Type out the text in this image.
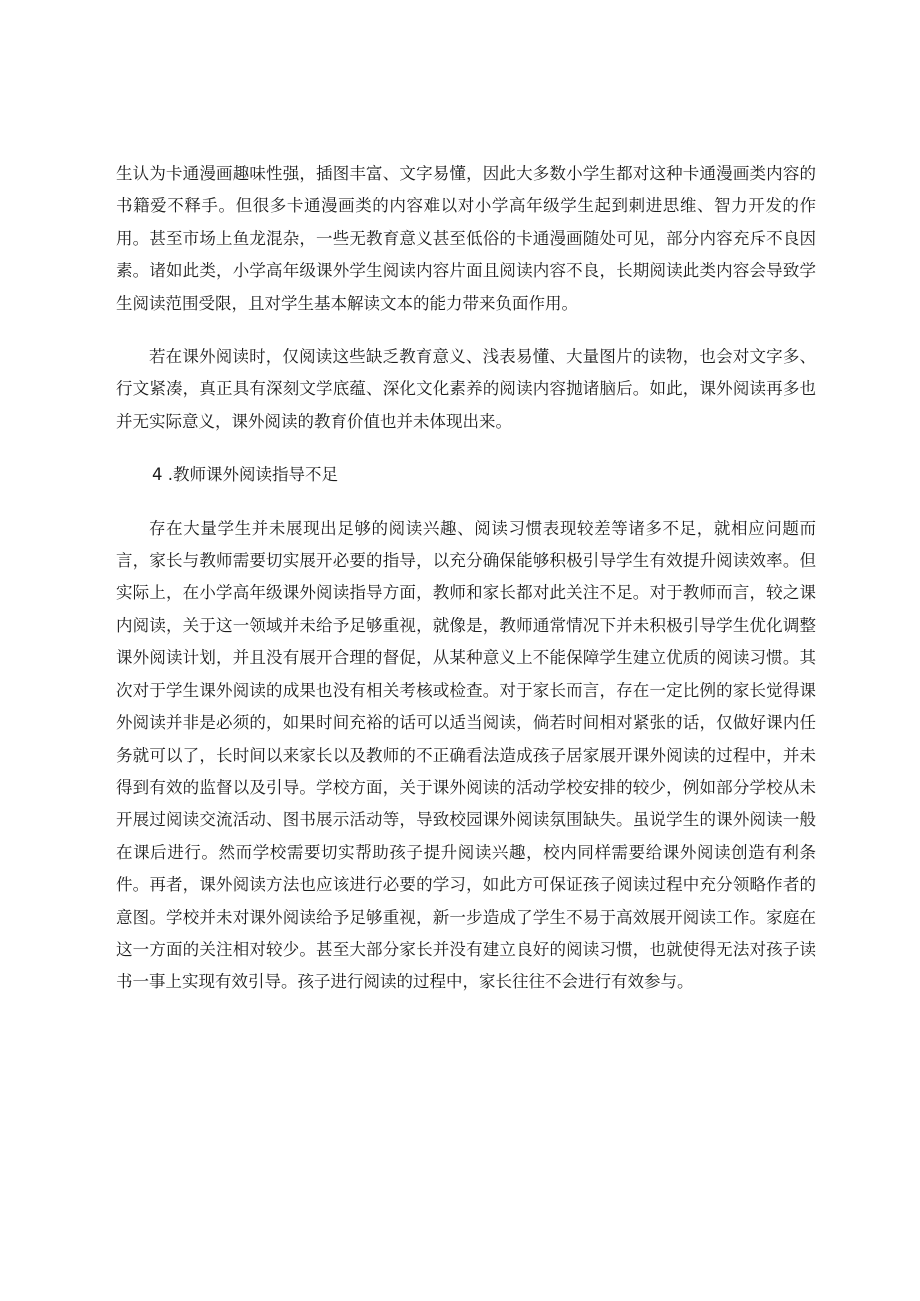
生认为卡通漫画趣味性强，插图丰富、文字易懂，因此大多数小学生都对这种卡通漫画类内容的书籍爱不释手。但很多卡通漫画类的内容难以对小学高年级学生起到刺进思维、智力开发的作用。甚至市场上鱼龙混杂，一些无教育意义甚至低俗的卡通漫画随处可见，部分内容充斥不良因素。诸如此类，小学高年级课外学生阅读内容片面且阅读内容不良，长期阅读此类内容会导致学生阅读范围受限，且对学生基本解读文本的能力带来负面作用。

若在课外阅读时，仅阅读这些缺乏教育意义、浅表易懂、大量图片的读物，也会对文字多、行文紧凑，真正具有深刻文学底蕴、深化文化素养的阅读内容抛诸脑后。如此，课外阅读再多也并无实际意义，课外阅读的教育价值也并未体现出来。

4 .教师课外阅读指导不足

存在大量学生并未展现出足够的阅读兴趣、阅读习惯表现较差等诸多不足，就相应问题而言，家长与教师需要切实展开必要的指导，以充分确保能够积极引导学生有效提升阅读效率。但实际上，在小学高年级课外阅读指导方面，教师和家长都对此关注不足。对于教师而言，较之课内阅读，关于这一领域并未给予足够重视，就像是，教师通常情况下并未积极引导学生优化调整课外阅读计划，并且没有展开合理的督促，从某种意义上不能保障学生建立优质的阅读习惯。其次对于学生课外阅读的成果也没有相关考核或检查。对于家长而言，存在一定比例的家长觉得课外阅读并非是必须的，如果时间充裕的话可以适当阅读，倘若时间相对紧张的话，仅做好课内任务就可以了，长时间以来家长以及教师的不正确看法造成孩子居家展开课外阅读的过程中，并未得到有效的监督以及引导。学校方面，关于课外阅读的活动学校安排的较少，例如部分学校从未开展过阅读交流活动、图书展示活动等，导致校园课外阅读氛围缺失。虽说学生的课外阅读一般在课后进行。然而学校需要切实帮助孩子提升阅读兴趣，校内同样需要给课外阅读创造有利条件。再者，课外阅读方法也应该进行必要的学习，如此方可保证孩子阅读过程中充分领略作者的意图。学校并未对课外阅读给予足够重视，新一步造成了学生不易于高效展开阅读工作。家庭在这一方面的关注相对较少。甚至大部分家长并没有建立良好的阅读习惯，也就使得无法对孩子读书一事上实现有效引导。孩子进行阅读的过程中，家长往往不会进行有效参与。
